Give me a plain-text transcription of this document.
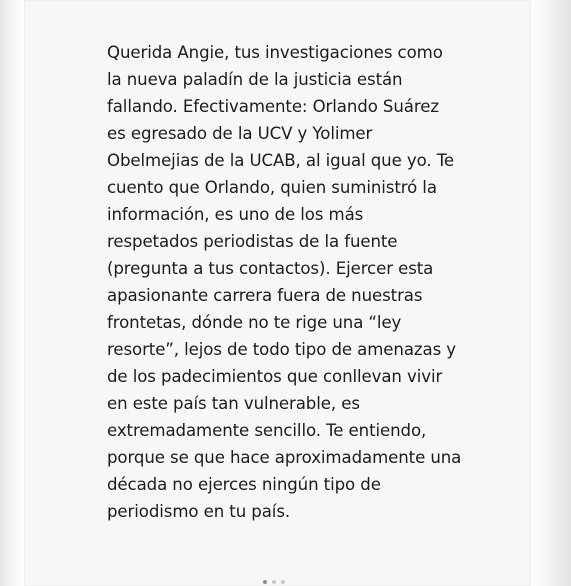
Querida Angie, tus investigaciones como
la nueva paladín de la justicia están
fallando. Efectivamente: Orlando Suárez
es egresado de la UCV y Yolimer
Obelmejias de la UCAB, al igual que yo. Te
cuento que Orlando, quien suministró la
información, es uno de los más
respetados periodistas de la fuente
(pregunta a tus contactos). Ejercer esta
apasionante carrera fuera de nuestras
frontetas, dónde no te rige una “ley
resorte”, lejos de todo tipo de amenazas y
de los padecimientos que conllevan vivir
en este país tan vulnerable, es
extremadamente sencillo. Te entiendo,
porque se que hace aproximadamente una
década no ejerces ningún tipo de
periodismo en tu país.
